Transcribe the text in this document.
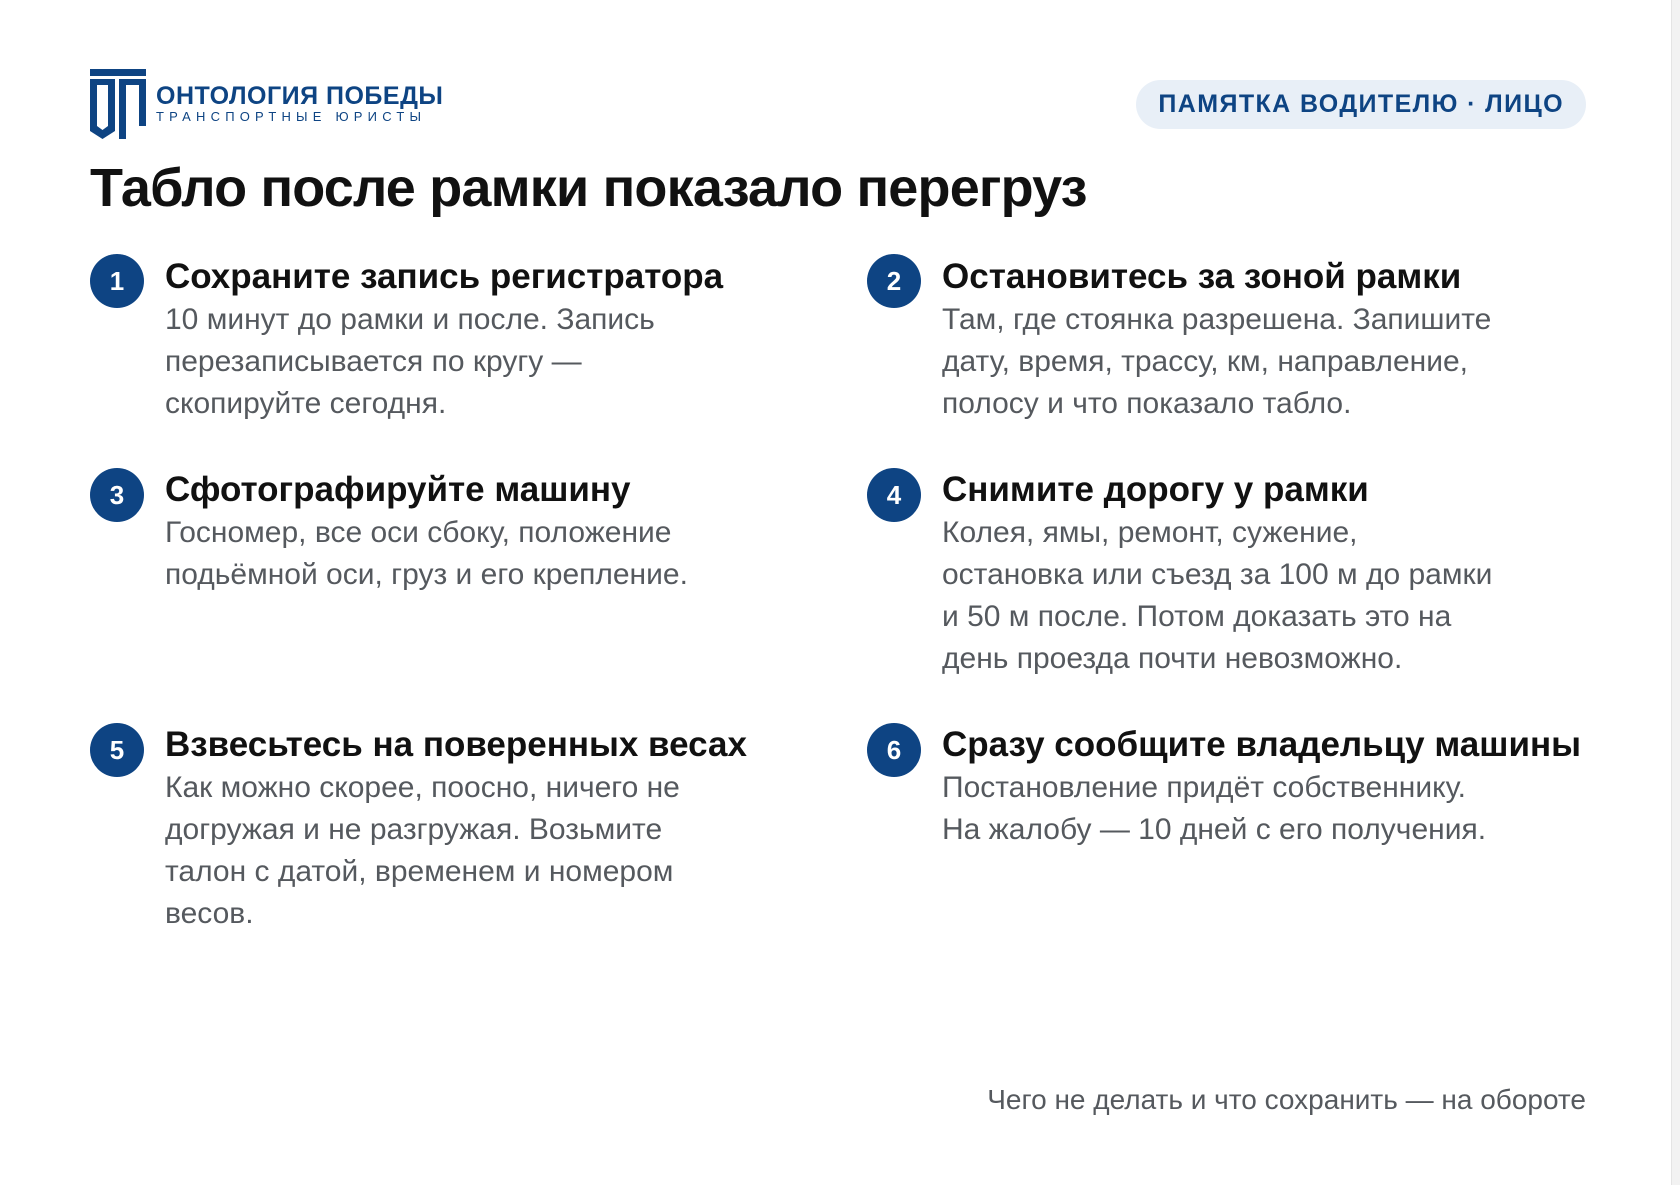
ОНТОЛОГИЯ ПОБЕДЫ
ТРАНСПОРТНЫЕ ЮРИСТЫ	ПАМЯТКА ВОДИТЕЛЮ · ЛИЦО
Табло после рамки показало перегруз
1	Сохраните запись регистратора

10 минут до рамки и после. Запись перезаписывается по кругу — скопируйте сегодня.

2	Остановитесь за зоной рамки

Там, где стоянка разрешена. Запишите дату, время, трассу, км, направление, полосу и что показало табло.

3	Сфотографируйте машину

Госномер, все оси сбоку, положение подьёмной оси, груз и его крепление.

4	Снимите дорогу у рамки

Колея, ямы, ремонт, сужение, остановка или съезд за 100 м до рамки и 50 м после. Потом доказать это на день проезда почти невозможно.

5	Взвесьтесь на поверенных весах

Как можно скорее, поосно, ничего не догружая и не разгружая. Возьмите талон с датой, временем и номером весов.

6	Сразу сообщите владельцу машины

Постановление придёт собственнику. На жалобу — 10 дней с его получения.

Чего не делать и что сохранить — на обороте
